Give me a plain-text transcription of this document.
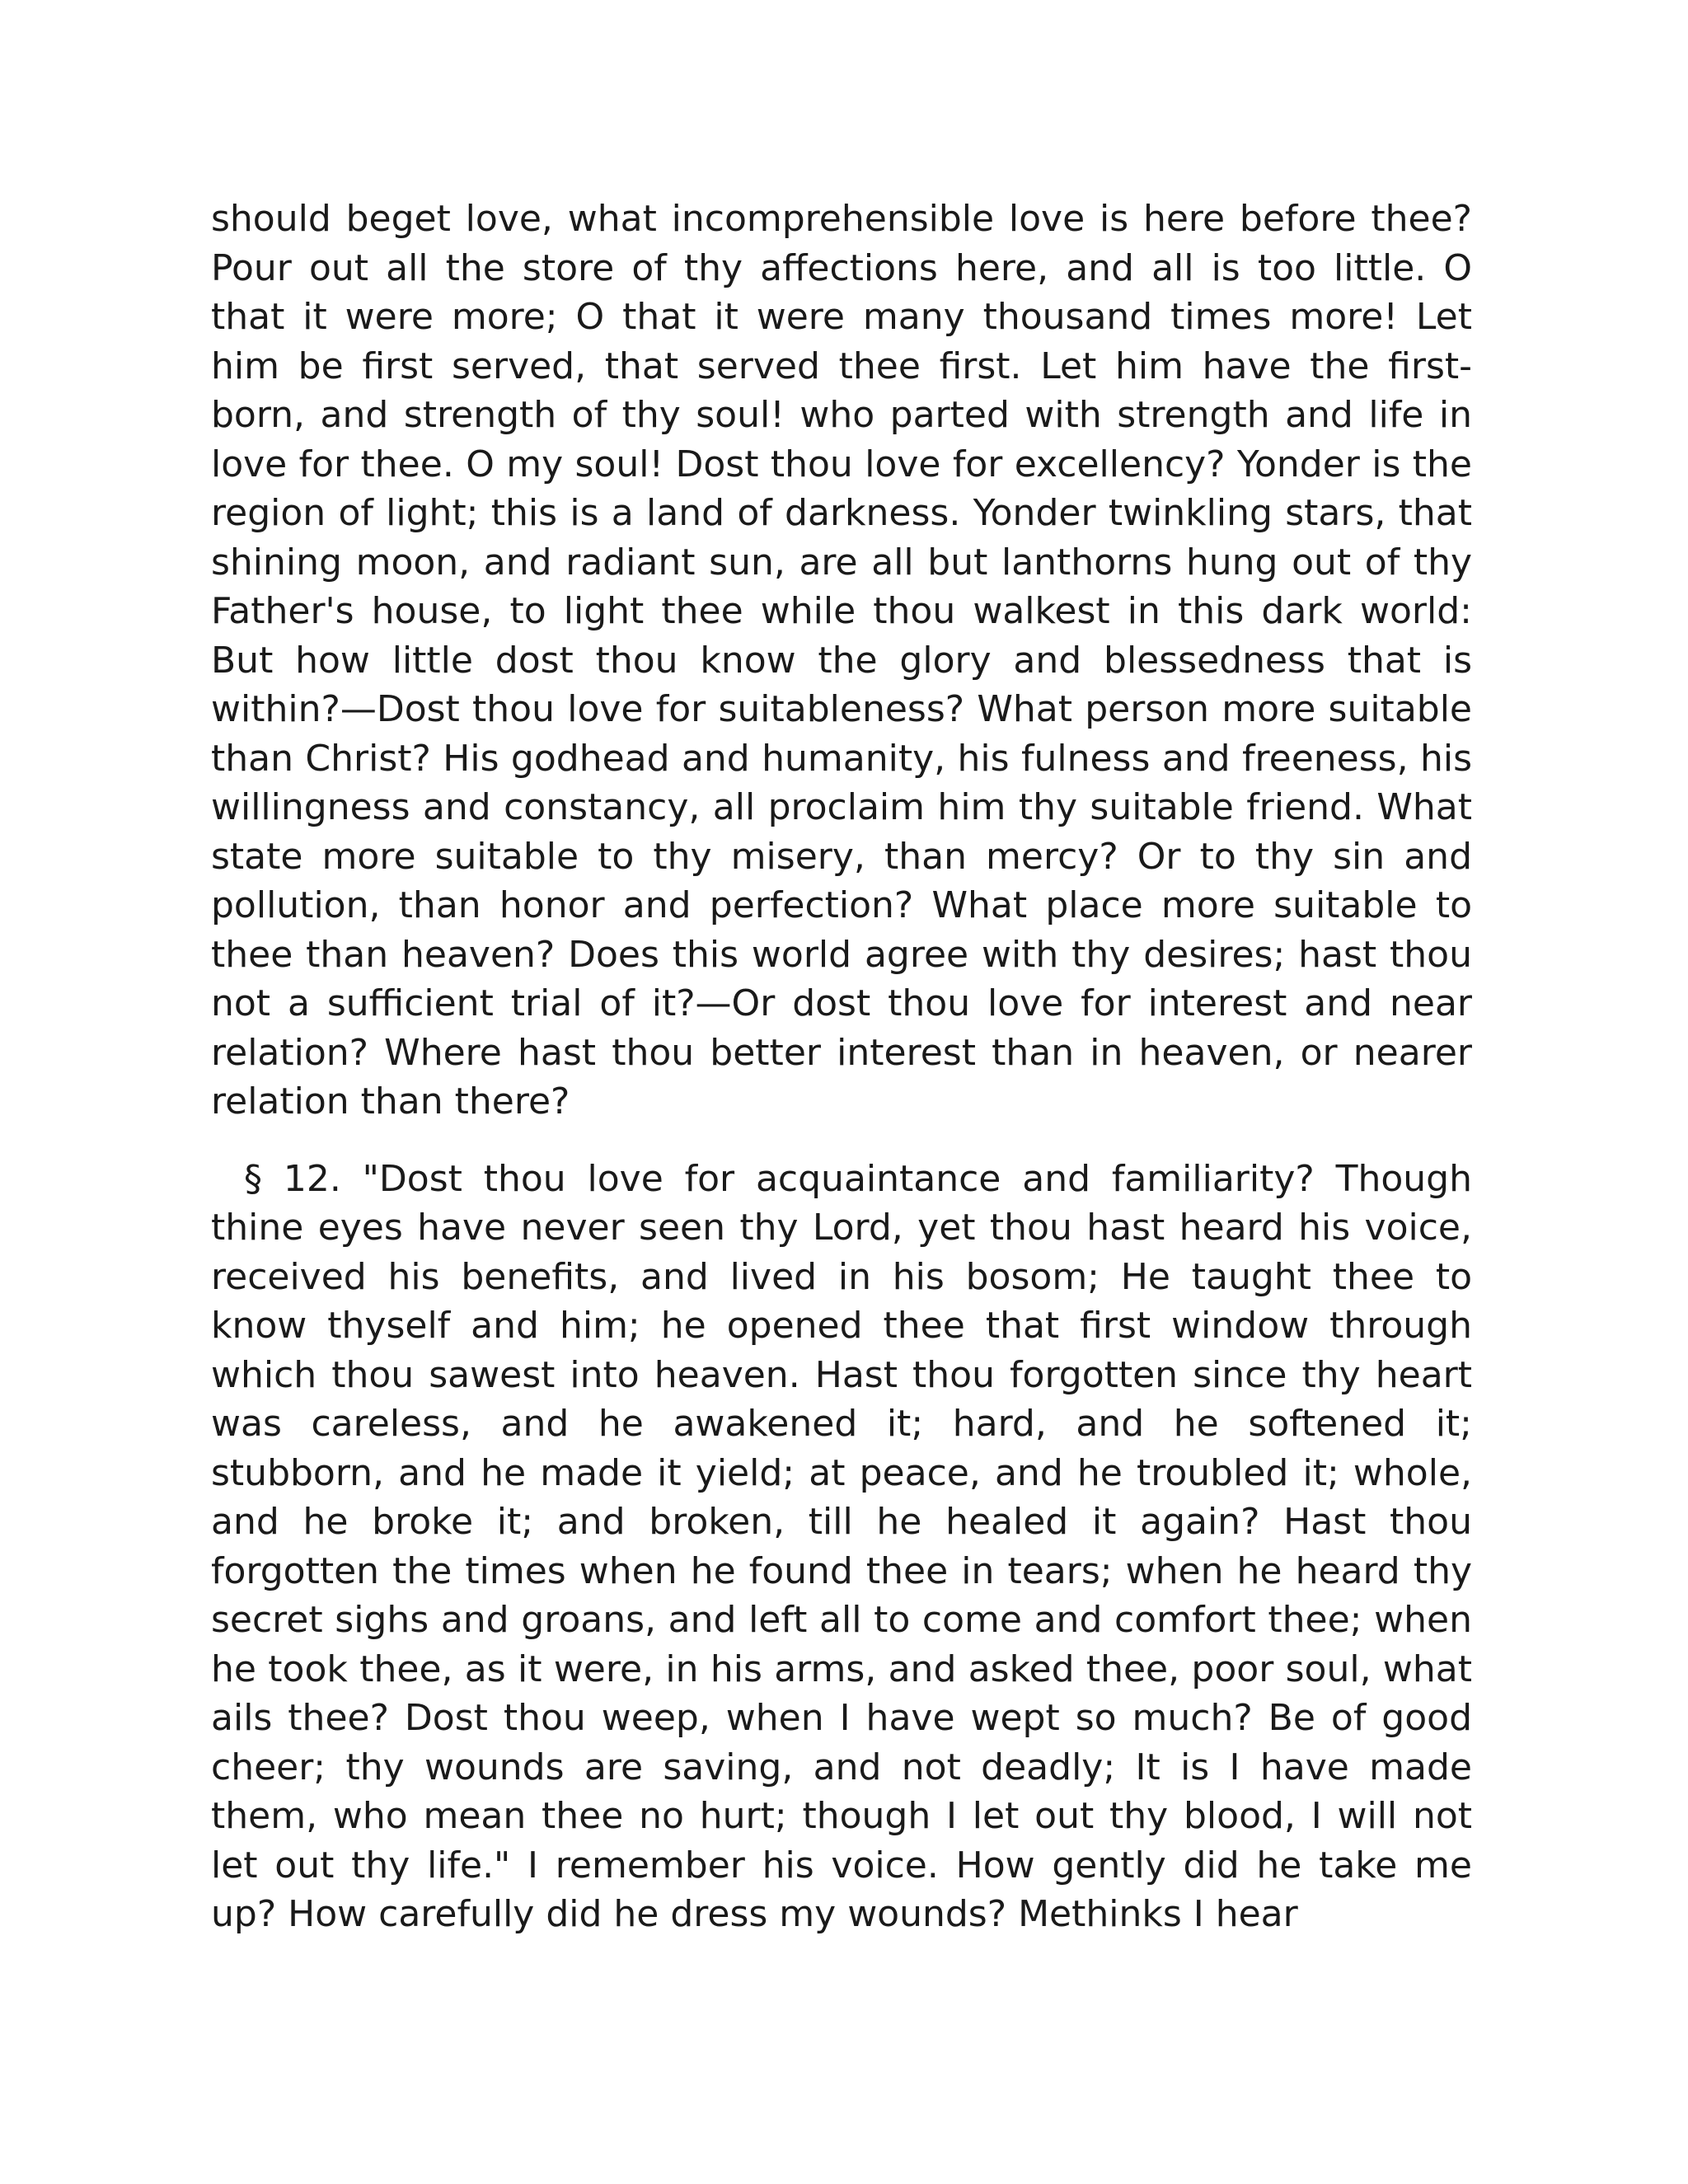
should beget love, what incomprehensible love is here before thee? Pour out all the store of thy affections here, and all is too little. O that it were more; O that it were many thousand times more! Let him be first served, that served thee first. Let him have the first-born, and strength of thy soul! who parted with strength and life in love for thee. O my soul! Dost thou love for excellency? Yonder is the region of light; this is a land of darkness. Yonder twinkling stars, that shining moon, and radiant sun, are all but lanthorns hung out of thy Father's house, to light thee while thou walkest in this dark world: But how little dost thou know the glory and blessedness that is within?—Dost thou love for suitableness? What person more suitable than Christ? His godhead and humanity, his fulness and freeness, his willingness and constancy, all proclaim him thy suitable friend. What state more suitable to thy misery, than mercy? Or to thy sin and pollution, than honor and perfection? What place more suitable to thee than heaven? Does this world agree with thy desires; hast thou not a sufficient trial of it?—Or dost thou love for interest and near relation? Where hast thou better interest than in heaven, or nearer relation than there?

§ 12. "Dost thou love for acquaintance and familiarity? Though thine eyes have never seen thy Lord, yet thou hast heard his voice, received his benefits, and lived in his bosom; He taught thee to know thyself and him; he opened thee that first window through which thou sawest into heaven. Hast thou forgotten since thy heart was careless, and he awakened it; hard, and he softened it; stubborn, and he made it yield; at peace, and he troubled it; whole, and he broke it; and broken, till he healed it again? Hast thou forgotten the times when he found thee in tears; when he heard thy secret sighs and groans, and left all to come and comfort thee; when he took thee, as it were, in his arms, and asked thee, poor soul, what ails thee? Dost thou weep, when I have wept so much? Be of good cheer; thy wounds are saving, and not deadly; It is I have made them, who mean thee no hurt; though I let out thy blood, I will not let out thy life." I remember his voice. How gently did he take me up? How carefully did he dress my wounds? Methinks I hear
